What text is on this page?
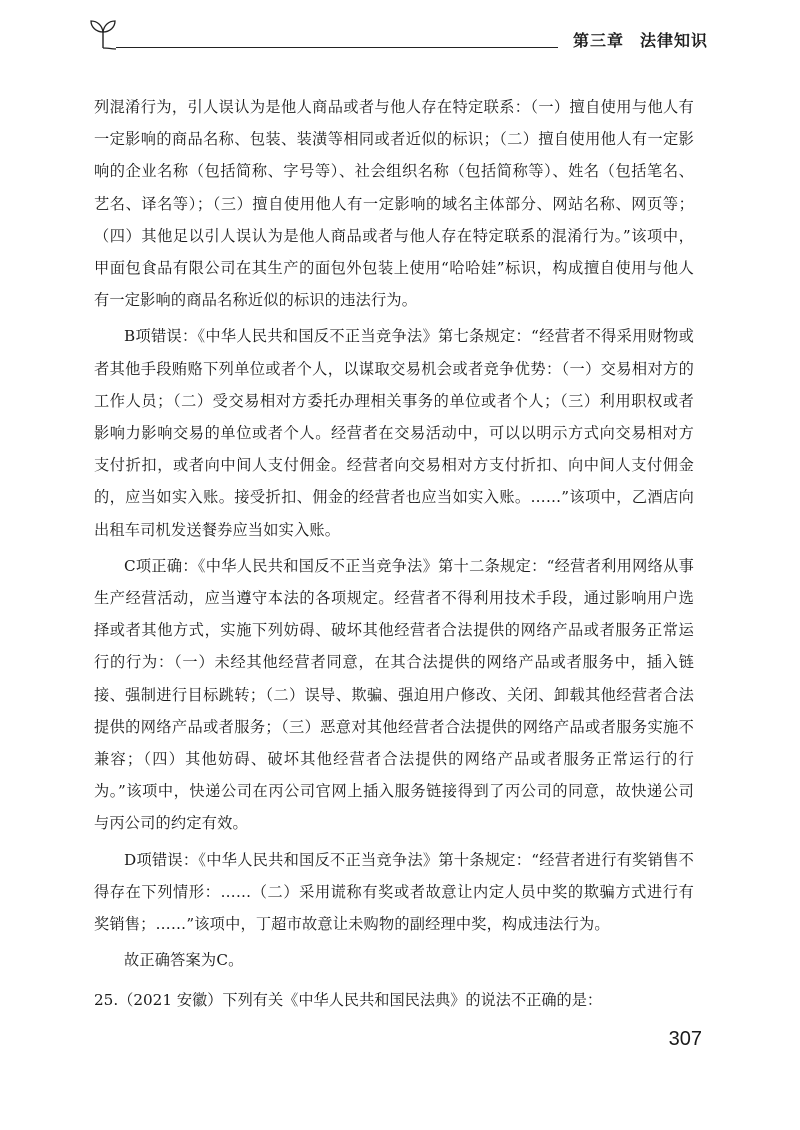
第三章 法律知识

列混淆行为，引人误认为是他人商品或者与他人存在特定联系：（一）擅自使用与他人有一定影响的商品名称、包装、装潢等相同或者近似的标识；（二）擅自使用他人有一定影响的企业名称（包括简称、字号等）、社会组织名称（包括简称等）、姓名（包括笔名、艺名、译名等）；（三）擅自使用他人有一定影响的域名主体部分、网站名称、网页等；（四）其他足以引人误认为是他人商品或者与他人存在特定联系的混淆行为。”该项中，甲面包食品有限公司在其生产的面包外包装上使用“哈哈娃”标识，构成擅自使用与他人有一定影响的商品名称近似的标识的违法行为。

B项错误：《中华人民共和国反不正当竞争法》第七条规定：“经营者不得采用财物或者其他手段贿赂下列单位或者个人，以谋取交易机会或者竞争优势：（一）交易相对方的工作人员；（二）受交易相对方委托办理相关事务的单位或者个人；（三）利用职权或者影响力影响交易的单位或者个人。经营者在交易活动中，可以以明示方式向交易相对方支付折扣，或者向中间人支付佣金。经营者向交易相对方支付折扣、向中间人支付佣金的，应当如实入账。接受折扣、佣金的经营者也应当如实入账。……”该项中，乙酒店向出租车司机发送餐券应当如实入账。

C项正确：《中华人民共和国反不正当竞争法》第十二条规定：“经营者利用网络从事生产经营活动，应当遵守本法的各项规定。经营者不得利用技术手段，通过影响用户选择或者其他方式，实施下列妨碍、破坏其他经营者合法提供的网络产品或者服务正常运行的行为：（一）未经其他经营者同意，在其合法提供的网络产品或者服务中，插入链接、强制进行目标跳转；（二）误导、欺骗、强迫用户修改、关闭、卸载其他经营者合法提供的网络产品或者服务；（三）恶意对其他经营者合法提供的网络产品或者服务实施不兼容；（四）其他妨碍、破坏其他经营者合法提供的网络产品或者服务正常运行的行为。”该项中，快递公司在丙公司官网上插入服务链接得到了丙公司的同意，故快递公司与丙公司的约定有效。

D项错误：《中华人民共和国反不正当竞争法》第十条规定：“经营者进行有奖销售不得存在下列情形：……（二）采用谎称有奖或者故意让内定人员中奖的欺骗方式进行有奖销售；……”该项中，丁超市故意让未购物的副经理中奖，构成违法行为。

故正确答案为C。

25.（2021 安徽）下列有关《中华人民共和国民法典》的说法不正确的是：
307
